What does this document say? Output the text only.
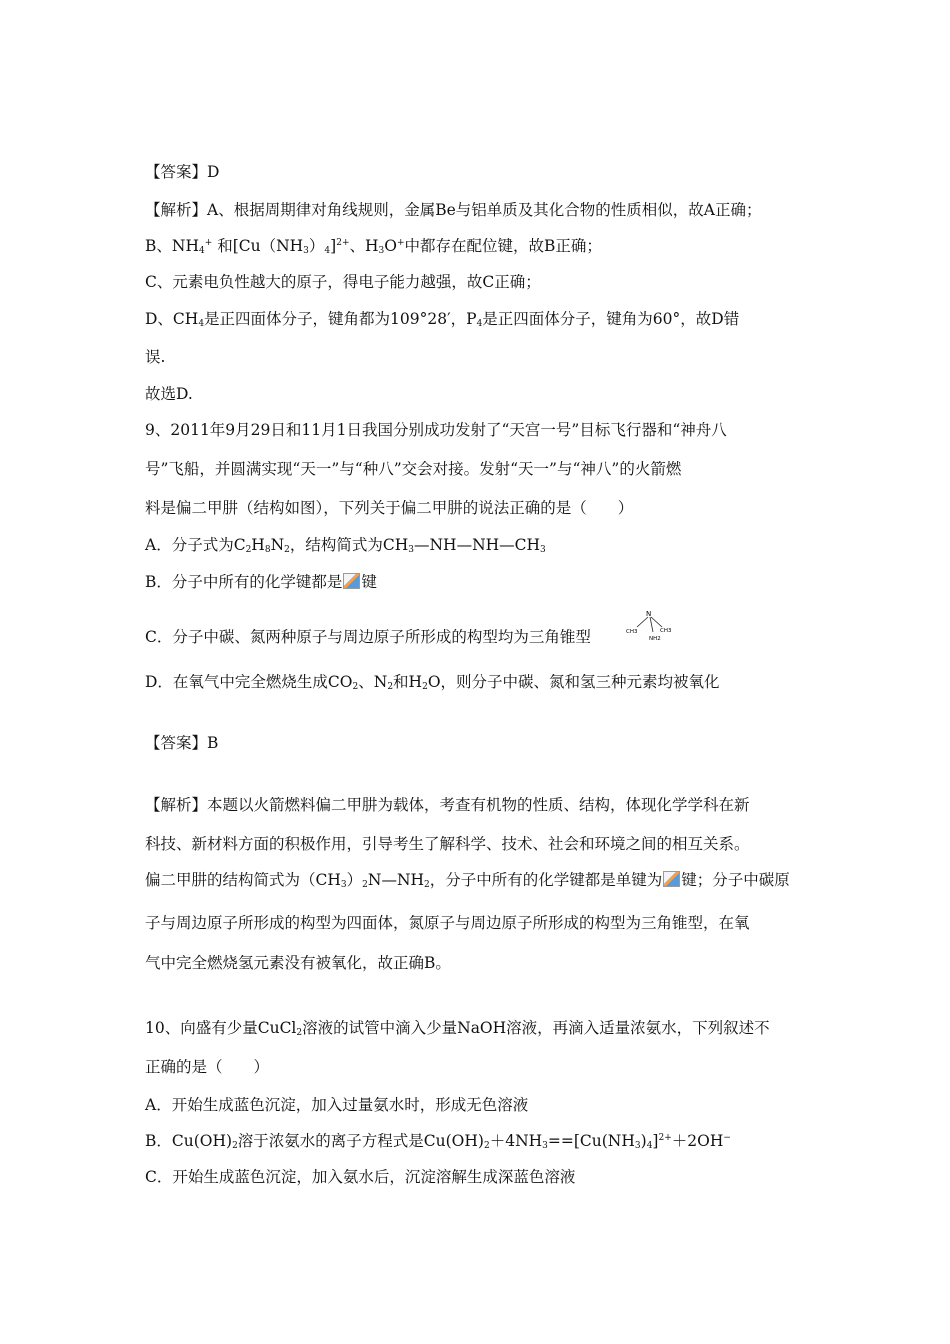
【答案】D
【解析】A、根据周期律对角线规则，金属Be与铝单质及其化合物的性质相似，故A正确；
B、$NH_4^+$ 和$[Cu(NH_3)_4]^{2+}$、$H_3O^+$中都存在配位键，故B正确；
C、元素电负性越大的原子，得电子能力越强，故C正确；
D、$CH_4$是正四面体分子，键角都为109°28′，$P_4$是正四面体分子，键角为60°，故D错
误.
故选D.
9、2011年9月29日和11月1日我国分别成功发射了“天宫一号”目标飞行器和“神舟八
号”飞船，并圆满实现“天一”与“种八”交会对接。发射“天一”与“神八”的火箭燃
料是偏二甲肼（结构如图），下列关于偏二甲肼的说法正确的是（　　）
A．分子式为$C_2H_8N_2$，结构简式为$CH_3—NH—NH—CH_3$
B．分子中所有的化学键都是 键
C．分子中碳、氮两种原子与周边原子所形成的构型均为三角锥型
N
CH3	CH3
NH2
D．在氧气中完全燃烧生成$CO_2$、$N_2$和$H_2O$，则分子中碳、氮和氢三种元素均被氧化
【答案】B
【解析】本题以火箭燃料偏二甲肼为载体，考查有机物的性质、结构，体现化学学科在新
科技、新材料方面的积极作用，引导考生了解科学、技术、社会和环境之间的相互关系。
偏二甲肼的结构简式为$(CH_3)_2N—NH_2$，分子中所有的化学键都是单键为 键；分子中碳原
子与周边原子所形成的构型为四面体，氮原子与周边原子所形成的构型为三角锥型，在氧
气中完全燃烧氢元素没有被氧化，故正确B。
10、向盛有少量CuCl$_2$溶液的试管中滴入少量NaOH溶液，再滴入适量浓氨水，下列叙述不
正确的是（　　）
A．开始生成蓝色沉淀，加入过量氨水时，形成无色溶液
B．$Cu(OH)_2$溶于浓氨水的离子方程式是$Cu(OH)_2+4NH_3==[Cu(NH_3)_4]^{2+}+2OH^-$
C．开始生成蓝色沉淀，加入氨水后，沉淀溶解生成深蓝色溶液
